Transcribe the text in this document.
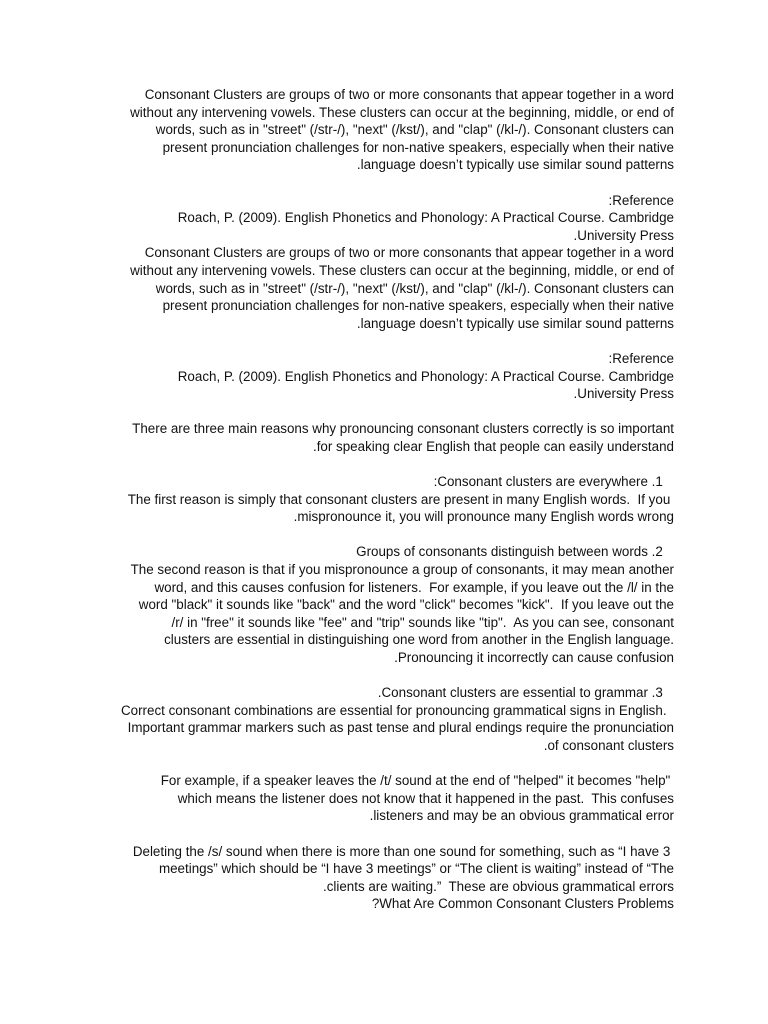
Consonant Clusters are groups of two or more consonants that appear together in a word
without any intervening vowels. These clusters can occur at the beginning, middle, or end of
words, such as in "street" (/str-/), "next" (/kst/), and "clap" (/kl-/). Consonant clusters can
present pronunciation challenges for non-native speakers, especially when their native
.language doesn’t typically use similar sound patterns
:Reference
Roach, P. (2009). English Phonetics and Phonology: A Practical Course. Cambridge
.University Press
Consonant Clusters are groups of two or more consonants that appear together in a word
without any intervening vowels. These clusters can occur at the beginning, middle, or end of
words, such as in "street" (/str-/), "next" (/kst/), and "clap" (/kl-/). Consonant clusters can
present pronunciation challenges for non-native speakers, especially when their native
.language doesn’t typically use similar sound patterns
:Reference
Roach, P. (2009). English Phonetics and Phonology: A Practical Course. Cambridge
.University Press
There are three main reasons why pronouncing consonant clusters correctly is so important
.for speaking clear English that people can easily understand
:Consonant clusters are everywhere .1
The first reason is simply that consonant clusters are present in many English words.  If you
.mispronounce it, you will pronounce many English words wrong
Groups of consonants distinguish between words .2
The second reason is that if you mispronounce a group of consonants, it may mean another
word, and this causes confusion for listeners.  For example, if you leave out the /l/ in the
word "black" it sounds like "back" and the word "click" becomes "kick".  If you leave out the
/r/ in "free" it sounds like "fee" and "trip" sounds like "tip".  As you can see, consonant
clusters are essential in distinguishing one word from another in the English language.
.Pronouncing it incorrectly can cause confusion
.Consonant clusters are essential to grammar .3
Correct consonant combinations are essential for pronouncing grammatical signs in English.
Important grammar markers such as past tense and plural endings require the pronunciation
.of consonant clusters
For example, if a speaker leaves the /t/ sound at the end of "helped" it becomes "help"
which means the listener does not know that it happened in the past.  This confuses
.listeners and may be an obvious grammatical error
Deleting the /s/ sound when there is more than one sound for something, such as “I have 3
meetings” which should be “I have 3 meetings” or “The client is waiting” instead of “The
.clients are waiting.”  These are obvious grammatical errors
?What Are Common Consonant Clusters Problems
